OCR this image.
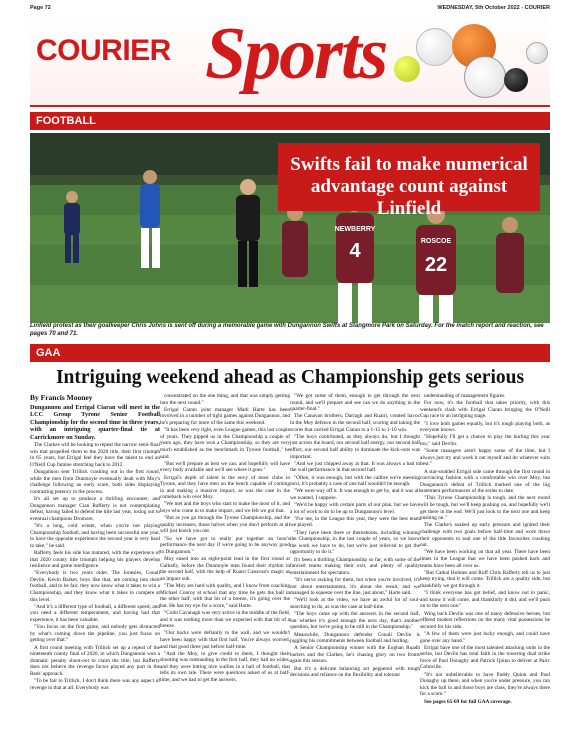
Page 72	WEDNESDAY, 5th October 2022 - COURIER
COURIER Sports
FOOTBALL
NEWBERRY
4	ROSCOE
22
Swifts fail to make numerical advantage count against Linfield
Linfield protest as their goalkeeper Chris Johns is sent off during a memorable game with Dungannon Swifts at Stangmore Park on Saturday. For the match report and reaction, see pages 70 and 71.
GAA
Intriguing weekend ahead as Championship gets serious
By Francis Mooney
Dungannon and Errigal Ciaran will meet in the LCC Group Tyrone Senior Football Championship for the second time in three years, with an intriguing quarter-final tie at Carrickmore on Sunday.

The Clarkes will be looking to repeat the narrow semi-final win that propelled them to the 2020 title, their first triumph in 65 years, but Errigal feel they have the talent to end an O'Neill Cup famine stretching back to 2012.

Dungannon sent Trillick crashing out in the first round, while the men from Dunmoyle eventually dealt with Moy's challenge following an early scare, both sides displaying contrasting potency in the process.

It's all set up to produce a thrilling encounter, and Dungannon manager Cian Rafferty is not contemplating defeat, having failed to defend the title last year, losing out to eventual champions Dromore.

"It's a long, cold winter, when you're not playing Championship football, and having been successful one year, to have the opposite experience the second year is very hard to take," he said.

Rafferty feels his side has matured, with the experience of that 2020 county title triumph helping his players develop resilience and game intelligence.

"Everybody is two years older. The Jonesies, Conall Devlin, Kevin Barker, boys like that, are coming into their football, and to be fair, they now know what it takes to win a Championship, and they know what it takes to compete at this level.

"And it's a different type of football, a different speed, and you need a different temperament, and having had that experience, it has been valuable.

"You focus on the first game, and nobody gets distracted by what's coming down the pipeline, you just focus on getting over that."

A first round meeting with Trillick set up a repeat of the nineteenth county final of 2020, in which Dungannon won a dramatic penalty shoot-out to claim the title, but Rafferty does not believe the revenge factor played any part in the Reds' approach.

"To be fair to Trillick, I don't think there was any aspect of revenge in that at all. Everybody was

concentrated on the one thing, and that was simply getting into the next round."

Errigal Ciaran joint manager Mark Harte has been involved in a number of tight games against Dungannon, and he's preparing for more of the same this weekend.

"It has been very tight, even League games, this last couple of years. They pipped us in the Championship a couple of years ago, they have won a Championship, so they are very much established as the benchmark in Tyrone football," he said.

"But we'll prepare as best we can, and hopefully will have every body available and we'll see where it goes."

Errigal's depth of talent is the envy of most clubs in Tyrone, and they have men on the bench capable of coming in and making a massive impact, as was the case in the comeback win over Moy.

"We met and the boys who start to make the most of it, and boys who come in to make impact, and we felt we got that.

"But as you go through the Tyrone Championship, and the quality increases, those halves when you don't perform at all will just knock you out.

"So we have got to really put together an hour's performance the next day if we're going to be anyway good to Dungannon."

Moy eased into an eight-point lead in the first round at Galbally, before the Dunmoyle men found their rhythm in the second half, with the help of Ruairi Canavan's magic as an impact sub.

"The Moy are hard with quality, and I know from coaching Michael Conroy at school that any time he gets the ball in the other half, with that bit of a breeze, it's going over the bar. He has my eye for a score," said Harte.

"Colm Cavanagh was very active in the middle of the field, and it was nothing more than we expected with that bit of a breeze.

"Our backs were defiantly to the wall, and we wouldn't have been happy with that first half. You're always worried, and that good three just before half-time.

"And the Moy, to give credit to them, I thought their shooting was outstanding in the first half, they had no wides, and they were hitting nice wallies in a ball of football, that tells its own tale. There were questions asked of us at half-time, and we had to get the answers.

"We got some of them, enough to get through the next round, and we'll prepare and see can we do anything in the quarter-final."

The Canavan brothers, Darragh and Ruairi, created havoc in the Moy defence in the second half, scoring and taking the scores that carried Errigal Ciaran to a 1-15 to 1-10 win.

"The boys contributed, as they always do, but I thought just across the board, our second half energy, our second half effort, our second half ability to dominate the kick-outs was important.

"And we just chipped away at that. It was always a bad to the wall performance in that second half.

"Often, it was enough, but with the calibre we're meeting next, it's probably a case of one half wouldn't be enough.

"We were way off it. It was enough to get by, and it was all we wanted, I suppose.

"We'd be happy with certain parts of our plan, but we have a lot of work to do to be up to Dungannon's level.

"For me, in the League this year, they were the best team we played.

"They have been there or thereabouts, including winning the Championship, in the last couple of years, so we know the work we have to do, but we're just relieved to get the opportunity to do it."

It's been a thrilling Championship so far, with some of the fancied teams making their exit, and plenty of quality entertainment for spectators.

"It's nerve racking for them, but when you're involved, it's not about entertainment, it's about the result, and we managed to squeeze over the line, just about," Harte said.

"We'll look at the video, we have an awful lot of soul-searching to do, as was the case at half-time.

"The boys came up with the answers in the second half, but whether it's good enough the next day, that's another question, but we're going to be still in the Championship."

Meanwhile, Dungannon defender Conall Devlin is juggling his commitments between football and hurling.

A Senior Championship winner with the Eoghan Ruadh hurlers and the Clarkes, he's chasing glory on two fronts again this season.

But it's a delicate balancing act peppered with tough decisions and reliance on the flexibility and tolerant

understanding of management figures.

For now, it's the football that takes priority, with this weekend's clash with Errigal Ciaran bringing the O'Neill Cup race to an intriguing stage.

"I love both games equally, but it's tough playing both, as everyone knows.

"Hopefully I'll get a chance to play the hurling this year too," said Devlin.

"Some managers aren't happy some of the time, but I always just try and work it out myself and do whatever suits best."

A star-studded Errigal side came through the first round in convincing fashion with a comfortable win over Moy, but Dungannon's defeat of Trillick marked one of the big statement performances of the series to date.

"This Tyrone Championship is tough, and the next round will be tough, but we'll keep pushing on, and hopefully we'll get there in the end. We'll just look to the next one and keep pushing on."

The Clarke's soaked up early pressure and ignited their challenge with two goals before half-time and wore down their opponents to seal one of the title favourites crashing out.

"We have been working on that all year. There have been times in the League that we have been pushed back and teams have been all over us.

"But Cathal Holmes and Ruff Chris Rafferty tell us to just keep trying, that it will come. Trillick are a quality side, but thankfully we got through it.

"I think everyone has got belief, and know not to panic, and know it will come, and thankfully it did, and we'll push on to the next one."

Wing back Devlin was one of many defensive heroes, but offered modest reflections on the many vital possessions he secured for his side.

"A few of them were just lucky enough, and could have gone over any hand."

Errigal have one of the most talented attacking units in the series, but Devlin has total faith in the towering dual strike force of Paul Donaghy and Patrick Quinn to deliver at Pairc Colmcille.

"It's not unbelievable to have Paddy Quinn and Paul Donaghy up there, and when you're under pressure, you can kick the ball in and those boys are class, they're always there for a score."

See pages 65-69 for full GAA coverage.
